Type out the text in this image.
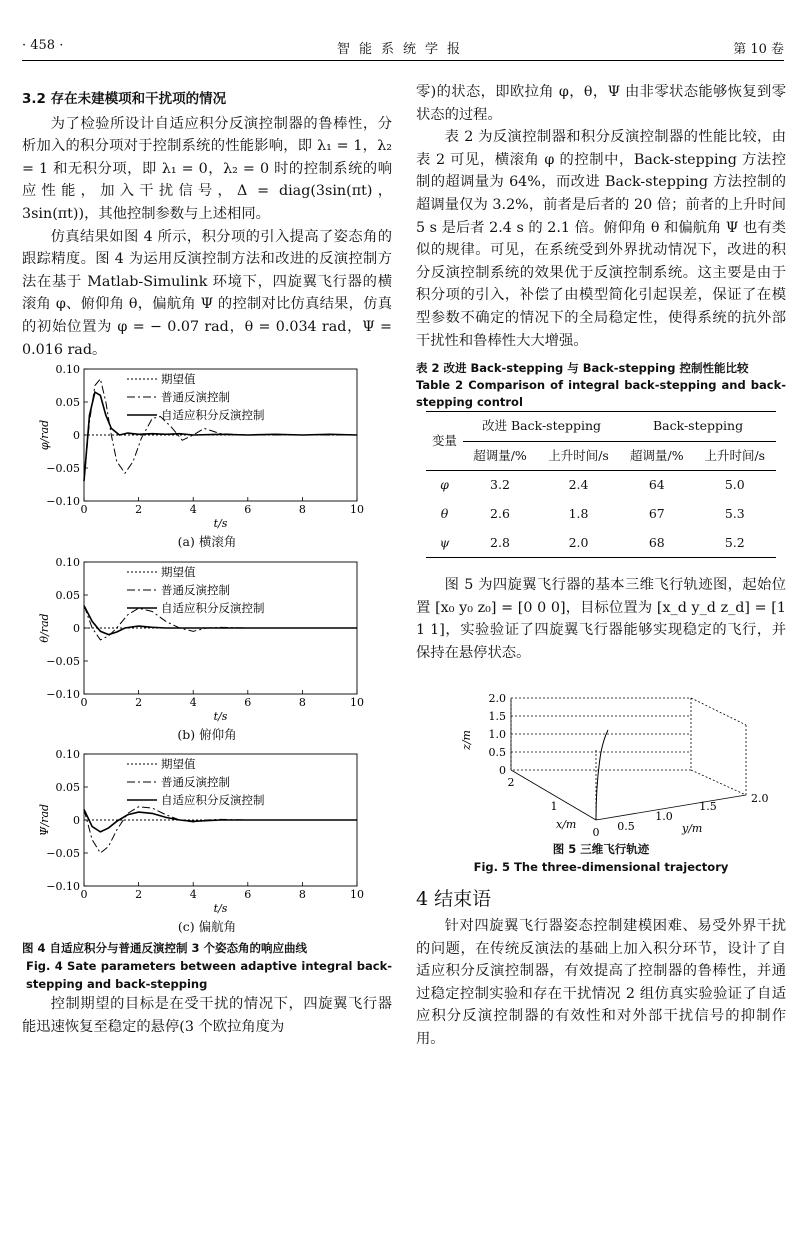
· 458 ·	智能系统学报	第 10 卷
3.2 存在未建模项和干扰项的情况

为了检验所设计自适应积分反演控制器的鲁棒性，分析加入的积分项对于控制系统的性能影响，即 λ₁ = 1，λ₂ = 1 和无积分项，即 λ₁ = 0，λ₂ = 0 时的控制系统的响应性能，加入干扰信号，Δ = diag(3sin(πt)，3sin(πt))，其他控制参数与上述相同。

仿真结果如图 4 所示，积分项的引入提高了姿态角的跟踪精度。图 4 为运用反演控制方法和改进的反演控制方法在基于 Matlab-Simulink 环境下，四旋翼飞行器的横滚角 φ、俯仰角 θ，偏航角 Ψ 的控制对比仿真结果，仿真的初始位置为 φ = − 0.07 rad，θ = 0.034 rad，Ψ = 0.016 rad。

0.10
0.05
0
−0.05
−0.10
0	2	4	6	8	10
t/s
φ/rad
期望值
普通反演控制
自适应积分反演控制
(a) 横滚角
0.10
0.05
0
−0.05
−0.10
0	2	4	6	8	10
t/s
θ/rad
期望值
普通反演控制
自适应积分反演控制
(b) 俯仰角
0.10
0.05
0
−0.05
−0.10
0	2	4	6	8	10
t/s
Ψ/rad
期望值
普通反演控制
自适应积分反演控制
(c) 偏航角
图 4 自适应积分与普通反演控制 3 个姿态角的响应曲线
Fig. 4 Sate parameters between adaptive integral back-stepping and back-stepping

控制期望的目标是在受干扰的情况下，四旋翼飞行器能迅速恢复至稳定的悬停(3 个欧拉角度为

零)的状态，即欧拉角 φ，θ，Ψ 由非零状态能够恢复到零状态的过程。

表 2 为反演控制器和积分反演控制器的性能比较，由表 2 可见，横滚角 φ 的控制中，Back-stepping 方法控制的超调量为 64%，而改进 Back-stepping 方法控制的超调量仅为 3.2%，前者是后者的 20 倍；前者的上升时间 5 s 是后者 2.4 s 的 2.1 倍。俯仰角 θ 和偏航角 Ψ 也有类似的规律。可见，在系统受到外界扰动情况下，改进的积分反演控制系统的效果优于反演控制系统。这主要是由于积分项的引入，补偿了由模型简化引起误差，保证了在模型参数不确定的情况下的全局稳定性，使得系统的抗外部干扰性和鲁棒性大大增强。

表 2 改进 Back-stepping 与 Back-stepping 控制性能比较
Table 2 Comparison of integral back-stepping and back-stepping control
变量	改进 Back-stepping		Back-stepping	
	超调量/%	上升时间/s	超调量/%	上升时间/s
φ	3.2	2.4	64	5.0
θ	2.6	1.8	67	5.3
ψ	2.8	2.0	68	5.2

图 5 为四旋翼飞行器的基本三维飞行轨迹图，起始位置 [x₀ y₀ z₀] = [0 0 0]，目标位置为 [x_d y_d z_d] = [1 1 1]，实验验证了四旋翼飞行器能够实现稳定的飞行，并保持在悬停状态。

2.0
1.5
1.0
0.5
0
z/m
2
1
0
x/m	0.5
1.0
1.5
2.0
y/m
图 5 三维飞行轨迹
Fig. 5 The three-dimensional trajectory
4 结束语

针对四旋翼飞行器姿态控制建模困难、易受外界干扰的问题，在传统反演法的基础上加入积分环节，设计了自适应积分反演控制器，有效提高了控制器的鲁棒性，并通过稳定控制实验和存在干扰情况 2 组仿真实验验证了自适应积分反演控制器的有效性和对外部干扰信号的抑制作用。
